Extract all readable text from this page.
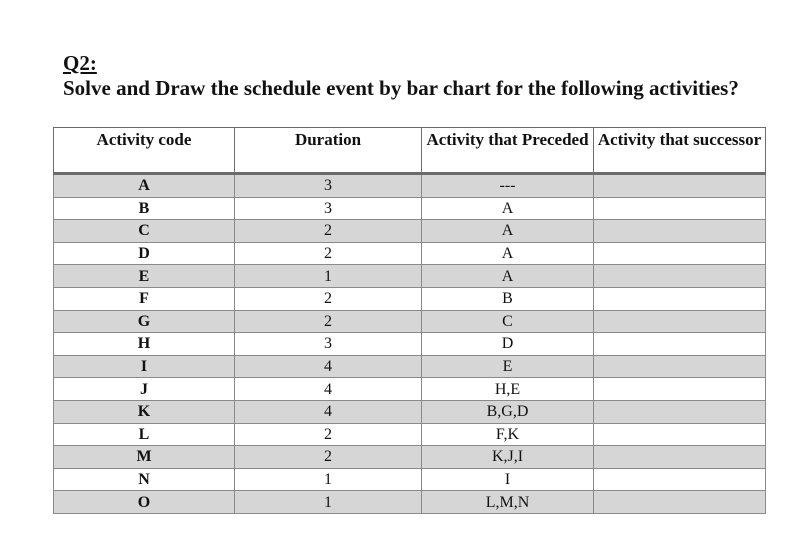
Q2:
Solve and Draw the schedule event by bar chart for the following activities?
Activity code	Duration	Activity that Preceded	Activity that successor
A	3	---	
B	3	A	
C	2	A	
D	2	A	
E	1	A	
F	2	B	
G	2	C	
H	3	D	
I	4	E	
J	4	H,E	
K	4	B,G,D	
L	2	F,K	
M	2	K,J,I	
N	1	I	
O	1	L,M,N	
